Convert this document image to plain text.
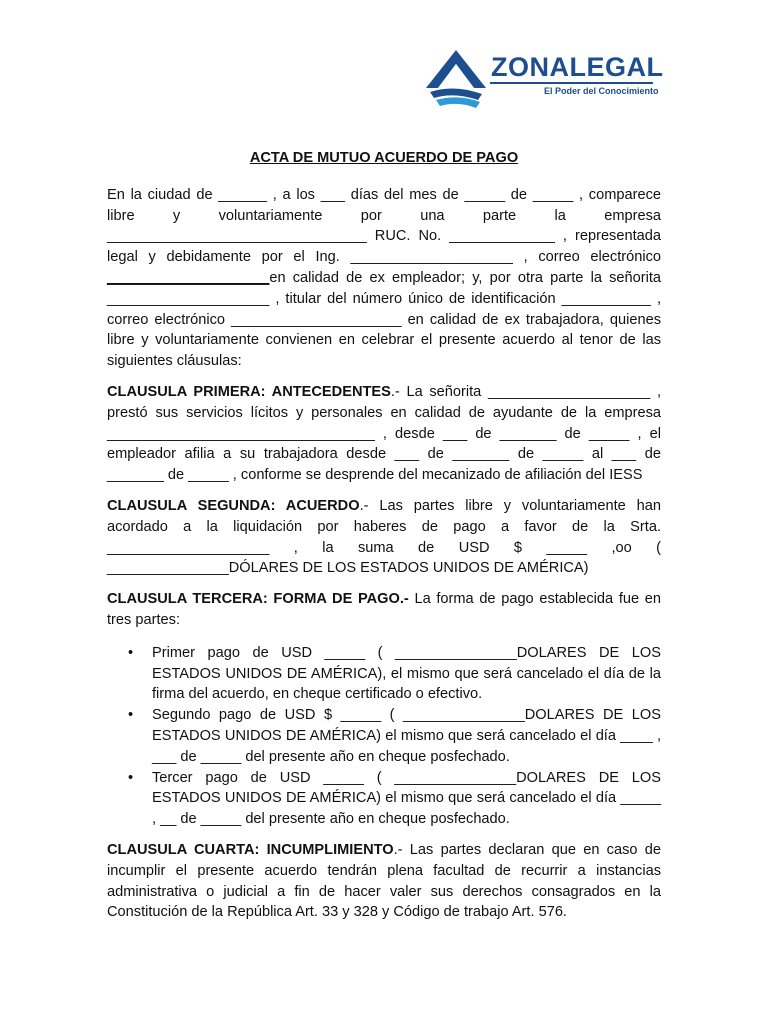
ZONALEGAL
El Poder del Conocimiento
ACTA DE MUTUO ACUERDO DE PAGO
En la ciudad de ______ , a los ___ días del mes de _____ de _____ , comparece
libre y voluntariamente por una parte la empresa
________________________________ RUC. No. _____________ , representada
legal y debidamente por el Ing. ____________________ , correo electrónico
____________________en calidad de ex empleador; y, por otra parte la señorita
____________________ , titular del número único de identificación ___________ ,
correo electrónico _____________________ en calidad de ex trabajadora, quienes
libre y voluntariamente convienen en celebrar el presente acuerdo al tenor de las
siguientes cláusulas:
CLAUSULA PRIMERA: ANTECEDENTES.- La señorita ____________________ , prestó sus servicios lícitos y personales en calidad de ayudante de la empresa _________________________________ , desde ___ de _______ de _____ , el empleador afilia a su trabajadora desde ___ de _______ de _____ al ___ de _______ de _____ , conforme se desprende del mecanizado de afiliación del IESS
CLAUSULA SEGUNDA: ACUERDO.- Las partes libre y voluntariamente han acordado a la liquidación por haberes de pago a favor de la Srta. ____________________ , la suma de USD $ _____ ,oo ( _______________DÓLARES DE LOS ESTADOS UNIDOS DE AMÉRICA)
CLAUSULA TERCERA: FORMA DE PAGO.- La forma de pago establecida fue en tres partes:
• Primer pago de USD _____ ( _______________DOLARES DE LOS ESTADOS UNIDOS DE AMÉRICA), el mismo que será cancelado el día de la firma del acuerdo, en cheque certificado o efectivo.
• Segundo pago de USD $ _____ ( _______________DOLARES DE LOS ESTADOS UNIDOS DE AMÉRICA) el mismo que será cancelado el día ____ , ___ de _____ del presente año en cheque posfechado.
• Tercer pago de USD _____ ( _______________DOLARES DE LOS ESTADOS UNIDOS DE AMÉRICA) el mismo que será cancelado el día _____ , __ de _____ del presente año en cheque posfechado.
CLAUSULA CUARTA: INCUMPLIMIENTO.- Las partes declaran que en caso de incumplir el presente acuerdo tendrán plena facultad de recurrir a instancias administrativa o judicial a fin de hacer valer sus derechos consagrados en la Constitución de la República Art. 33 y 328 y Código de trabajo Art. 576.
